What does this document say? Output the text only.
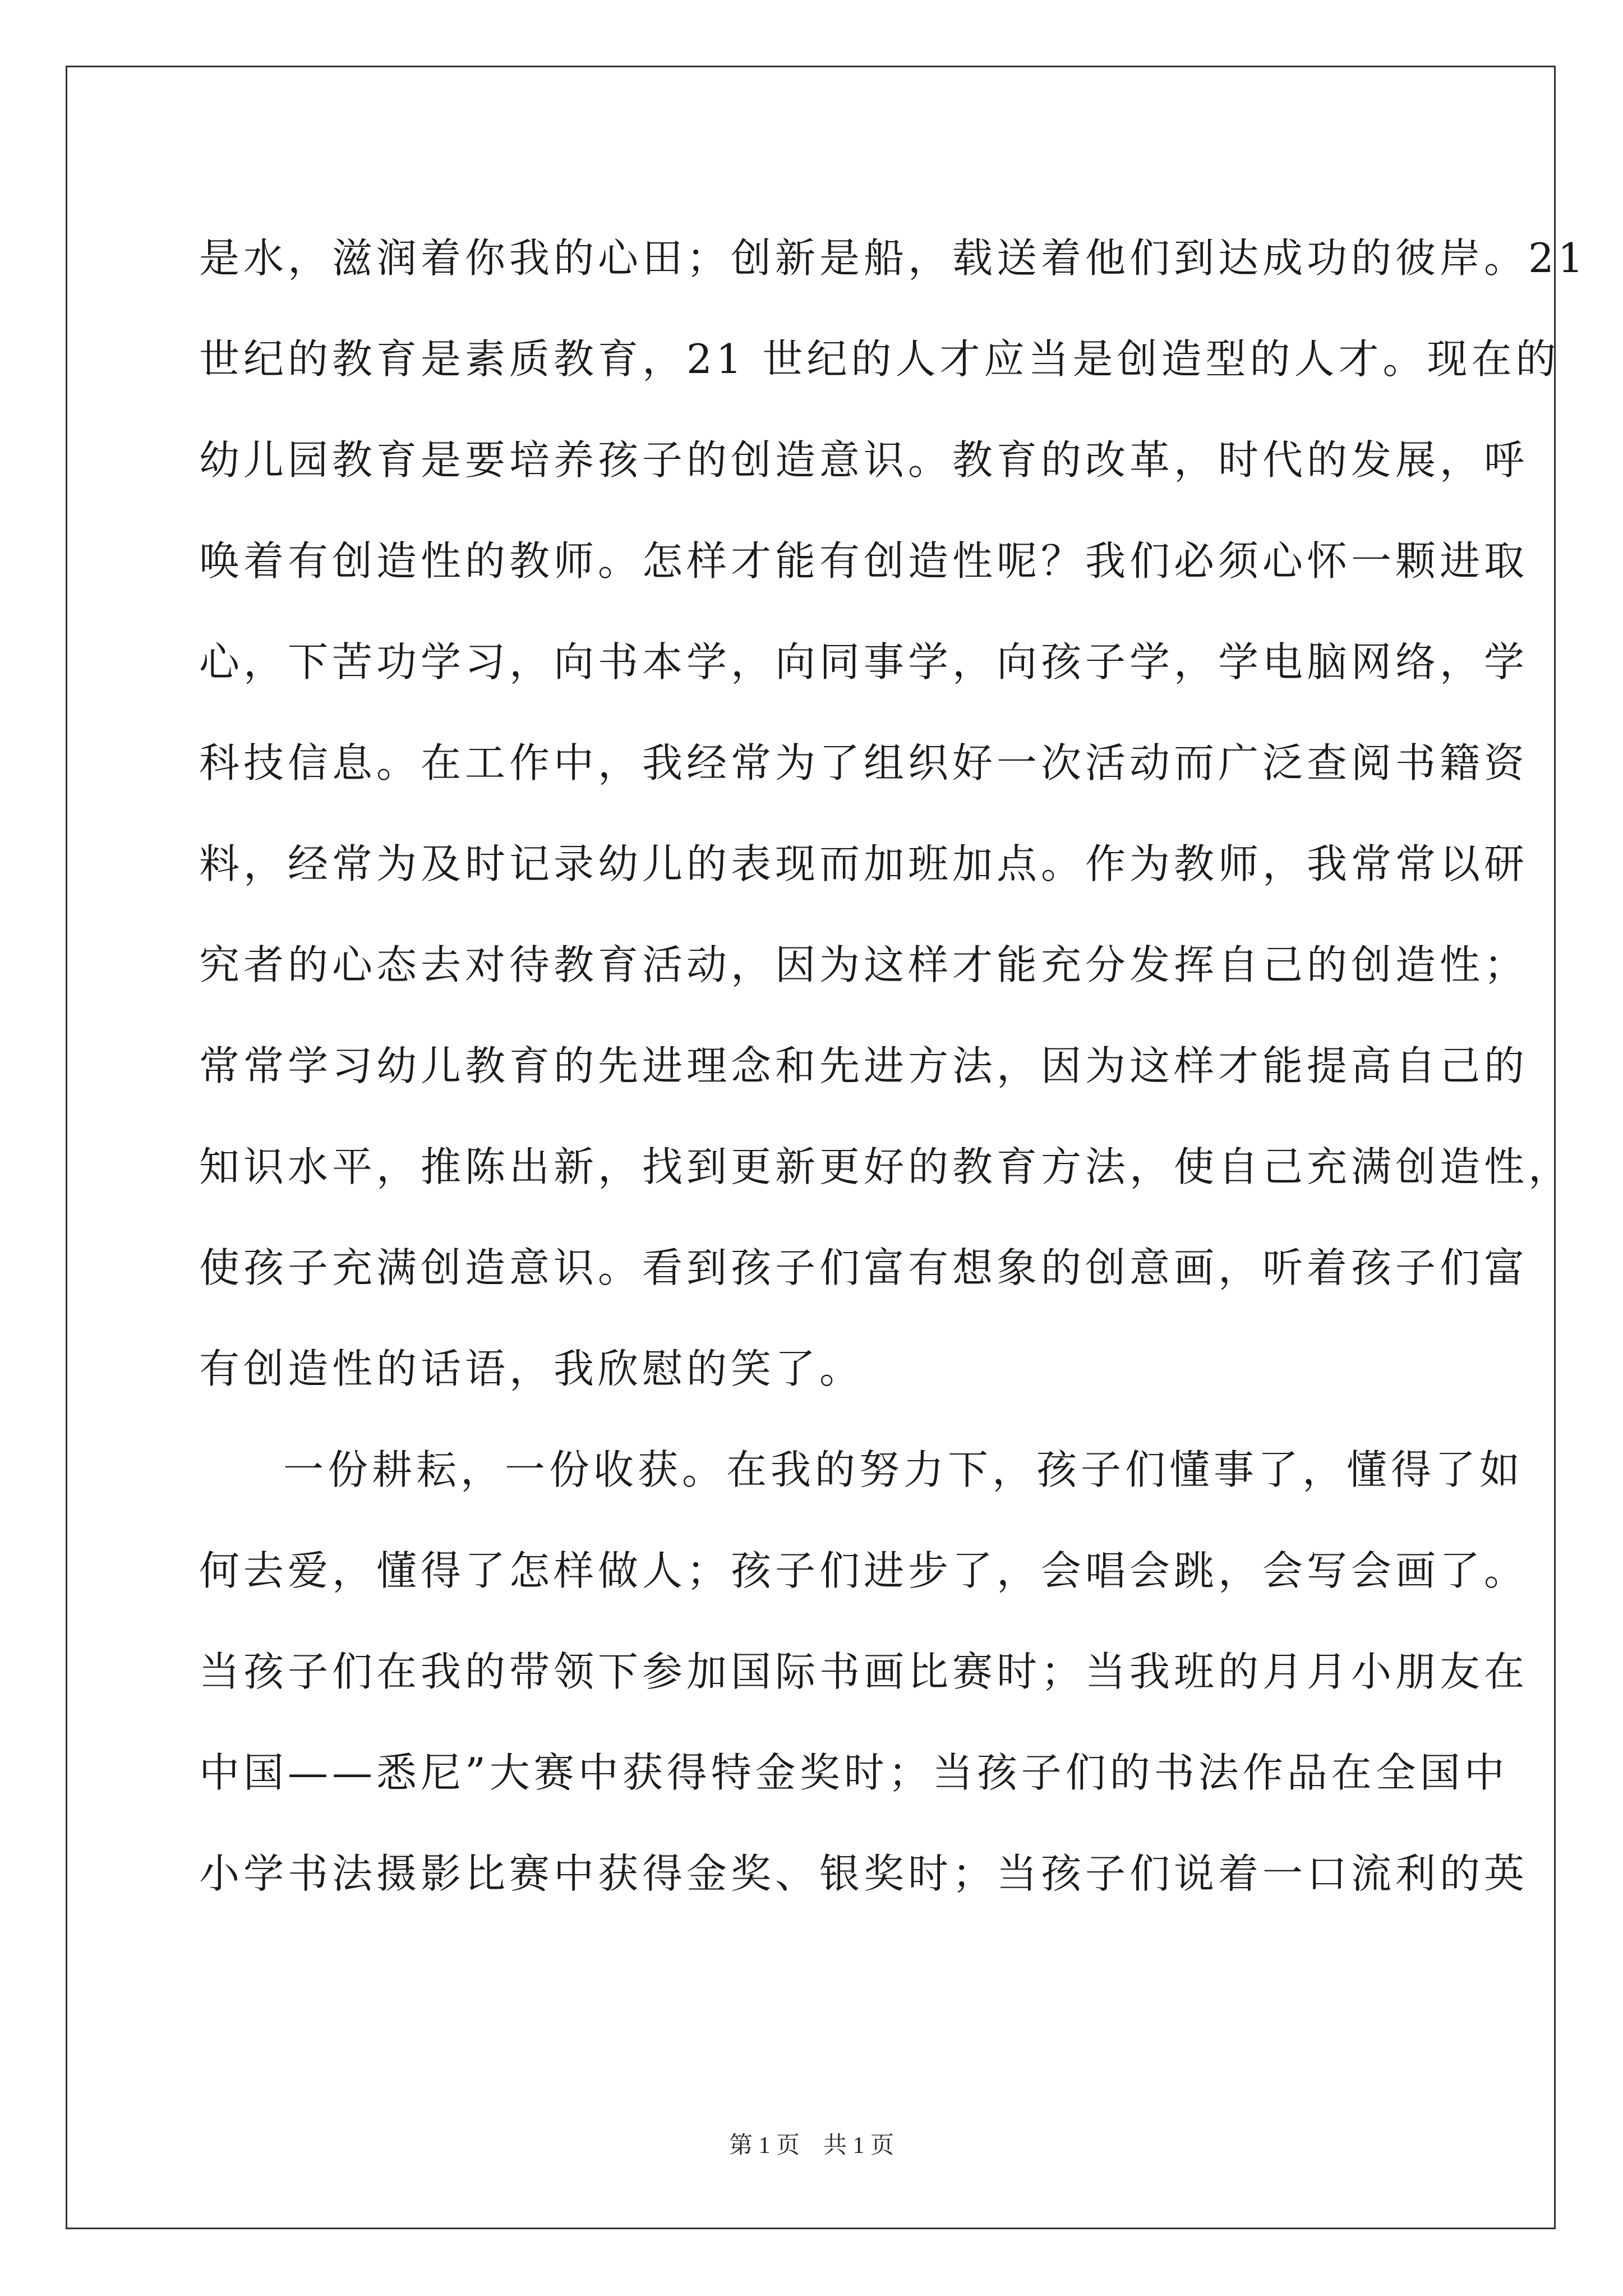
是水，滋润着你我的心田；创新是船，载送着他们到达成功的彼岸。21

世纪的教育是素质教育，21 世纪的人才应当是创造型的人才。现在的

幼儿园教育是要培养孩子的创造意识。教育的改革，时代的发展，呼

唤着有创造性的教师。怎样才能有创造性呢？我们必须心怀一颗进取

心，下苦功学习，向书本学，向同事学，向孩子学，学电脑网络，学

科技信息。在工作中，我经常为了组织好一次活动而广泛查阅书籍资

料，经常为及时记录幼儿的表现而加班加点。作为教师，我常常以研

究者的心态去对待教育活动，因为这样才能充分发挥自己的创造性；

常常学习幼儿教育的先进理念和先进方法，因为这样才能提高自己的

知识水平，推陈出新，找到更新更好的教育方法，使自己充满创造性，

使孩子充满创造意识。看到孩子们富有想象的创意画，听着孩子们富

有创造性的话语，我欣慰的笑了。

一份耕耘，一份收获。在我的努力下，孩子们懂事了，懂得了如

何去爱，懂得了怎样做人；孩子们进步了，会唱会跳，会写会画了。

当孩子们在我的带领下参加国际书画比赛时；当我班的月月小朋友在

中国——悉尼”大赛中获得特金奖时；当孩子们的书法作品在全国中

小学书法摄影比赛中获得金奖、银奖时；当孩子们说着一口流利的英

第 1 页　共 1 页
